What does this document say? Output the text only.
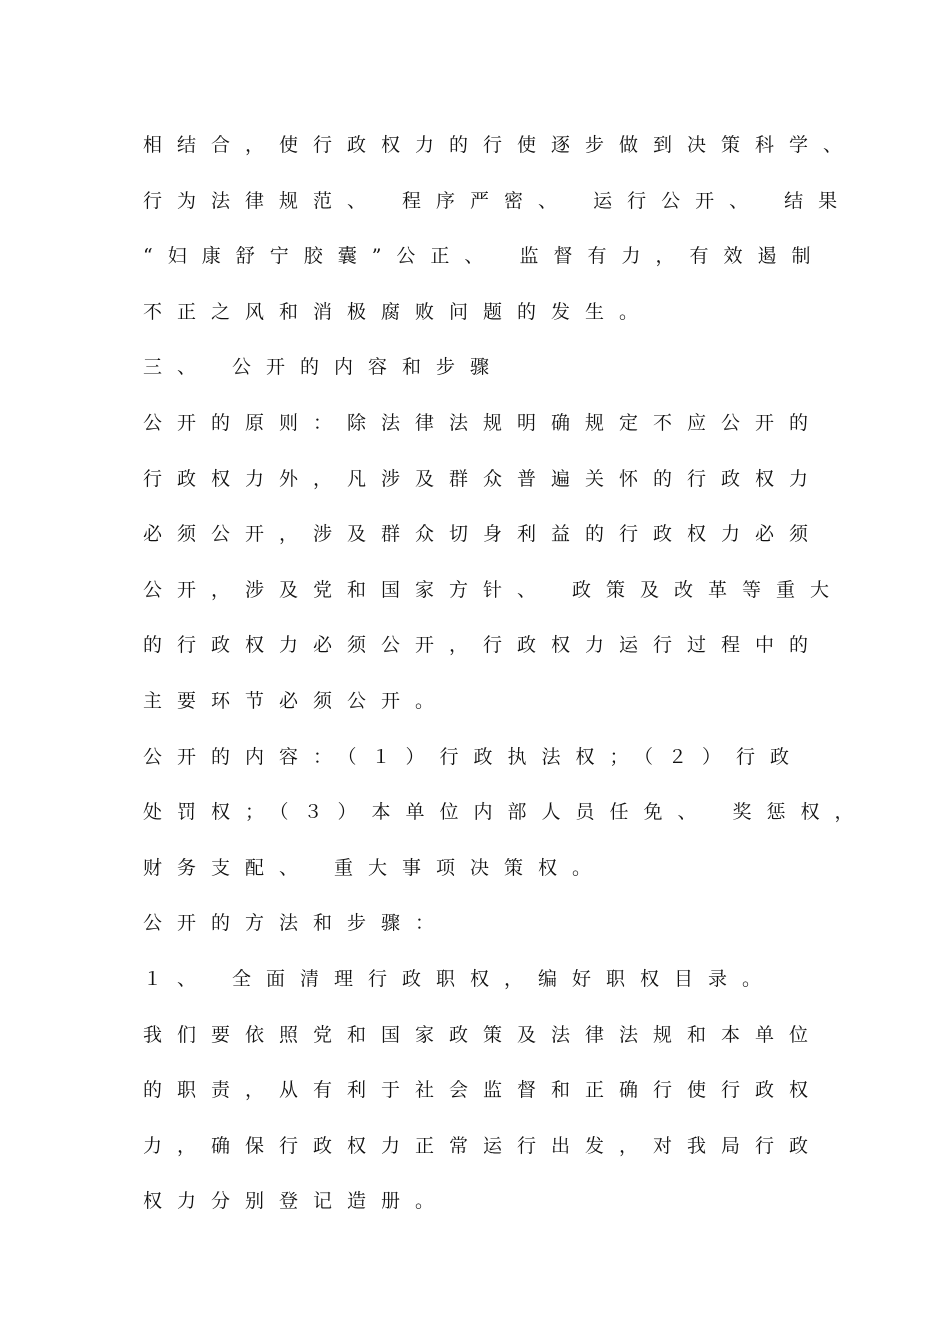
相结合，使行政权力的行使逐步做到决策科学、

行为法律规范、 程序严密、 运行公开、 结果

“妇康舒宁胶囊”公正、 监督有力，有效遏制

不正之风和消极腐败问题的发生。

三、 公开的内容和步骤

公开的原则：除法律法规明确规定不应公开的

行政权力外，凡涉及群众普遍关怀的行政权力

必须公开，涉及群众切身利益的行政权力必须

公开，涉及党和国家方针、 政策及改革等重大

的行政权力必须公开，行政权力运行过程中的

主要环节必须公开。

公开的内容：（１）行政执法权；（２）行政

处罚权；（３）本单位内部人员任免、 奖惩权，

财务支配、 重大事项决策权。

公开的方法和步骤：

１、 全面清理行政职权，编好职权目录。

我们要依照党和国家政策及法律法规和本单位

的职责，从有利于社会监督和正确行使行政权

力，确保行政权力正常运行出发，对我局行政

权力分别登记造册。
